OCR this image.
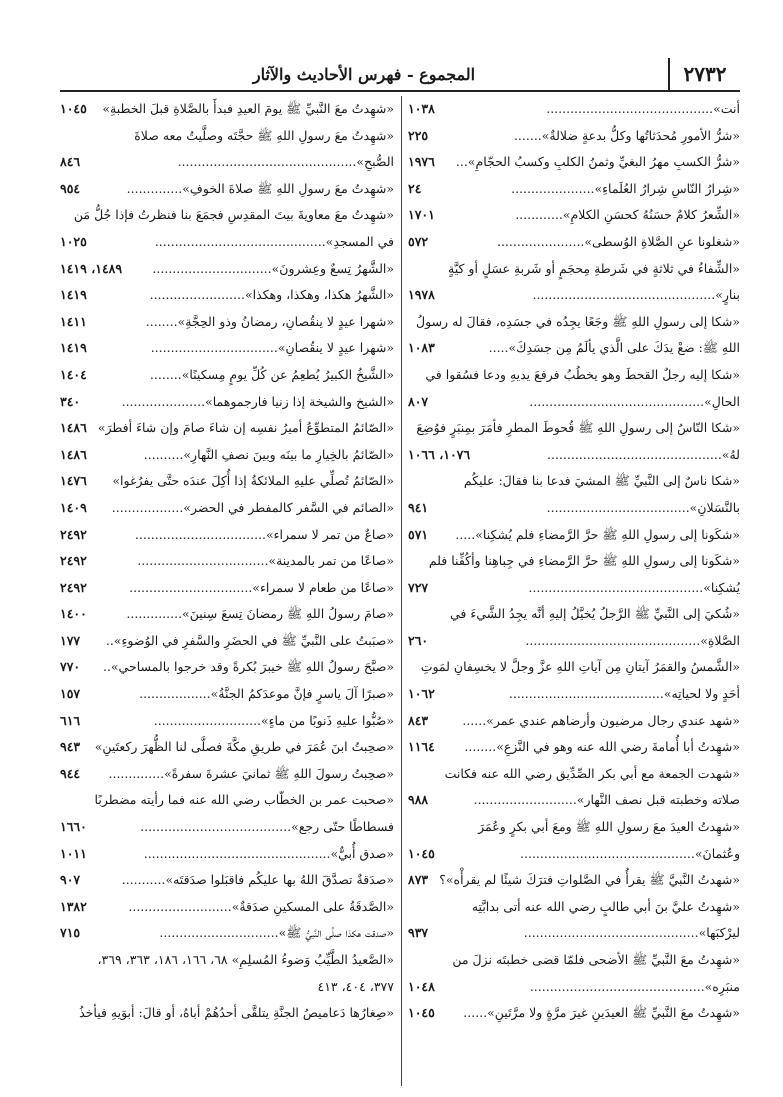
٢٧٣٢
المجموع - فهرس الأحاديث والآثار
أنت»..........................................
١٠٣٨
«شرُّ الأمورِ مُحدَثاتُها وكلُّ بدعةٍ ضلالةٌ».......
٢٢٥
«شرُّ الكسبِ مهرُ البغيِّ وثمنُ الكلبِ وكسبُ الحجّامِ»...
١٩٧٦
«شِرارُ النّاسِ شِرارُ العُلَماءِ».....................
٢٤
«الشِّعرُ كلامٌ حسَنُهُ كحسَنِ الكلامِ»............
١٧٠١
«شغلونا عنِ الصَّلاةِ الوُسطى»......................
٥٧٢
«الشِّفاءُ في ثلاثةٍ في شَرطةِ مِحجَمٍ أو شَربةِ عسَلٍ أو كيَّةٍ
بنارٍ»..............................................
١٩٧٨
«شكا إلى رسولِ اللهِ ﷺ وجَعًا يجِدُه في جسَدِه، فقالَ له رسولُ
اللهِ ﷺ: ضعْ يدَكَ على الَّذي يألَمُ مِن جسَدِكَ».....
١٠٨٣
«شكا إليه رجلٌ القحطَ وهو يخطُبُ فرفعَ يديهِ ودعا فسُقوا في
الحالِ»............................................
٨٠٧
«شكا النّاسُ إلى رسولِ اللهِ ﷺ قُحوطَ المطرِ فأمَرَ بمِنبَرٍ فوُضِعَ
لهُ»............................................
١٠٧٦، ١٠٦٦
«شكا ناسٌ إلى النَّبيِّ ﷺ المشيَ فدعا بنا فقالَ: عليكُم
بالنَّسَلانِ»....................................
٩٤١
«شكَونا إلى رسولِ اللهِ ﷺ حرَّ الرَّمضاءِ فلم يُشكِنا».....
٥٧١
«شكَونا إلى رسولِ اللهِ ﷺ حرَّ الرَّمضاءِ في جِباهِنا وأكُفِّنا فلم
يُشكِنا»............................................
٧٢٧
«شُكيَ إلى النَّبيِّ ﷺ الرَّجلُ يُخيَّلُ إليهِ أنَّه يجِدُ الشَّيءَ في
الصَّلاةِ»............................................
٢٦٠
«الشَّمسُ والقمَرُ آيتانِ مِن آياتِ اللهِ عزَّ وجلَّ لا يخسِفانِ لمَوتِ
أحَدٍ ولا لحياتِه».......................................
١٠٦٢
«شهد عندي رجال مرضيون وأرضاهم عندي عمر»......
٨٤٣
«شهِدتُ أبا أُمامةَ رضي الله عنه وهو في النَّزعِ»........
١١٦٤
«شهدت الجمعة مع أبي بكر الصِّدِّيق رضي الله عنه فكانت
صلاته وخطبته قبل نصف النَّهار»..........................
٩٨٨
«شهِدتُ العيدَ معَ رسولِ اللهِ ﷺ ومعَ أبي بكرٍ وعُمَرَ
وعُثمانَ»............................................
١٠٤٥
«شهدتُ النَّبيَّ ﷺ يقرأُ في الصَّلواتِ فترَكَ شيئًا لم يقرأْه»؟
٨٧٣
«شهِدتُ عليَّ بنَ أبي طالبٍ رضي الله عنه أتى بدابَّتِه
ليرْكبَها»............................................
٩٣٧
«شهِدتُ معَ النَّبيِّ ﷺ الأضحى فلمّا قضى خطبتَه نزلَ من
منبَرِه»............................................
١٠٤٨
«شهِدتُ معَ النَّبيِّ ﷺ العيدَينِ غيرَ مرَّةٍ ولا مرَّتَينِ»......
١٠٤٥
«شهِدتُ معَ النَّبيِّ ﷺ يومَ العيدِ فبدأَ بالصَّلاةِ قبلَ الخطبةِ»
١٠٤٥
«شهِدتُ معَ رسولِ اللهِ ﷺ حجَّتَه وصلَّيتُ معه صلاةَ
الصُّبحِ».............................................
٨٤٦
«شهِدتُ معَ رسولِ اللهِ ﷺ صلاةَ الخوفِ»..............
٩٥٤
«شهِدتُ معَ معاويةَ بيتَ المقدِسِ فجمَعَ بنا فنظرتُ فإذا جُلُّ مَن
في المسجدِ»...........................................
١٠٢٥
«الشَّهرُ تِسعٌ وعِشرونَ»..............................
١٤٨٩، ١٤١٩
«الشَّهرُ هكذا، وهكذا، وهكذا»........................
١٤١٩
«شهرا عيدٍ لا ينقُصانِ، رمضانُ وذو الحِجَّةِ»........
١٤١١
«شهرا عيدٍ لا ينقُصانِ»................................
١٤١٩
«الشَّيخُ الكبيرُ يُطعِمُ عن كُلِّ يومٍ مِسكينًا»........
١٤٠٤
«الشيخ والشيخة إذا زنيا فارجموهما».....................
٣٤٠
«الصّائمُ المتطوِّعُ أميرُ نفسِه إن شاءَ صامَ وإن شاءَ أفطرَ»
١٤٨٦
«الصّائمُ بالخِيارِ ما بينَه وبينَ نصفِ النَّهارِ»..........
١٤٨٦
«الصّائمُ تُصلِّي عليهِ الملائكةُ إذا أُكِلَ عندَه حتَّى يفرُغوا»
١٤٧٦
«الصائم في السَّفر كالمفطر في الحضر»..................
١٤٠٩
«صاعٌ من تمر لا سمراء».................................
٢٤٩٢
«صاعًا من تمر بالمدينة».................................
٢٤٩٢
«صاعًا من طعام لا سمراء»...............................
٢٤٩٢
«صامَ رسولُ اللهِ ﷺ رمضانَ تِسعَ سِنينَ»..............
١٤٠٠
«صبَبتُ على النَّبيِّ ﷺ في الحضَرِ والسَّفرِ في الوُضوءِ»..
١٧٧
«صبَّحَ رسولُ اللهِ ﷺ خيبرَ بُكرةً وقد خرجوا بالمساحي»..
٧٧٠
«صبرًا آلَ ياسرٍ فإنَّ موعدَكمُ الجنَّةُ»..................
١٥٧
«صُبُّوا عليهِ ذَنوبًا من ماءٍ»...........................
٦١٦
«صحِبتُ ابنَ عُمَرَ في طريقِ مكَّةَ فصلَّى لنا الظُّهرَ ركعتَينِ»
٩٤٣
«صحِبتُ رسولَ اللهِ ﷺ ثمانيَ عشرةَ سفرةً»..............
٩٤٤
«صحبت عمر بن الخطّاب رضي الله عنه فما رأيته مضطربًا
فسطاطًا حتّى رجع»......................................
١٦٦٠
«صدق أُبيٌّ»...............................................
١٠١١
«صدَقةٌ تصدَّقَ اللهُ بها عليكُم فاقبَلوا صدَقتَه»...........
٩٠٧
«الصَّدقَةُ على المسكينِ صدَقةٌ»..........................
١٣٨٢
«صدقت هكذا صلَّى النَّبيُّ ﷺ»..............................
٧١٥
«الصَّعيدُ الطَّيِّبُ وَضوءُ المُسلِمِ» ٦٨، ١٦٦، ١٨٦، ٣٦٣، ٣٦٩،
٣٧٧، ٤٠٤، ٤١٣
«صِغارُها دَعاميصُ الجنَّةِ يتلقَّى أحدُهُمْ أباهُ، أو قالَ: أبوَيهِ فيأخذُ
